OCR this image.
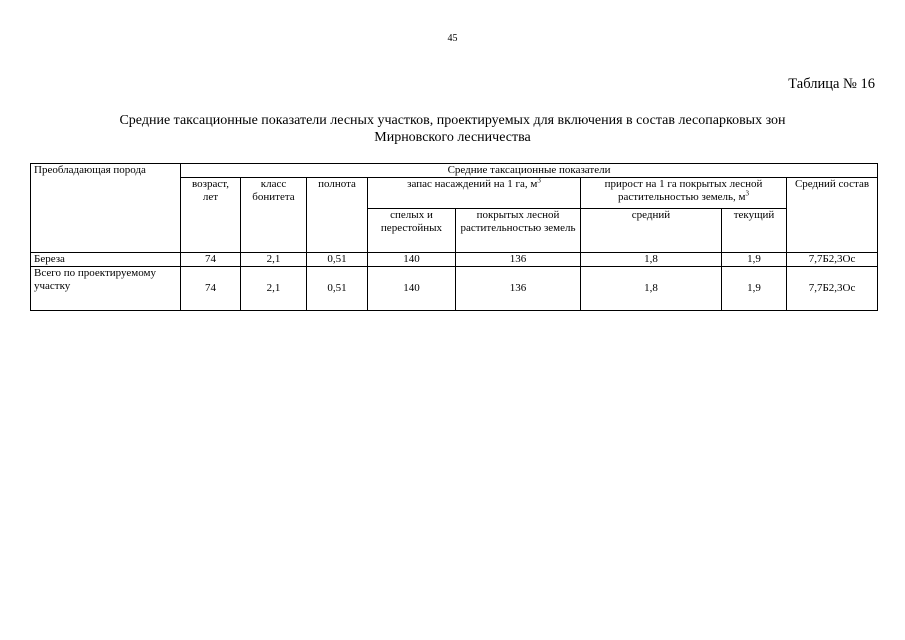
45
Таблица № 16
Средние таксационные показатели лесных участков, проектируемых для включения в состав лесопарковых зон
Мирновского лесничества
Преобладающая порода	Средние таксационные показатели							
	возраст, лет	класс бонитета	полнота	запас насаждений на 1 га, $м^3$		прирост на 1 га покрытых лесной растительностью земель, $м^3$		Средний состав
				спелых и перестойных	покрытых лесной растительностью земель	средний	текущий	
Береза	74	2,1	0,51	140	136	1,8	1,9	7,7Б2,3Ос
Всего по проектируемому участку	74	2,1	0,51	140	136	1,8	1,9	7,7Б2,3Ос
